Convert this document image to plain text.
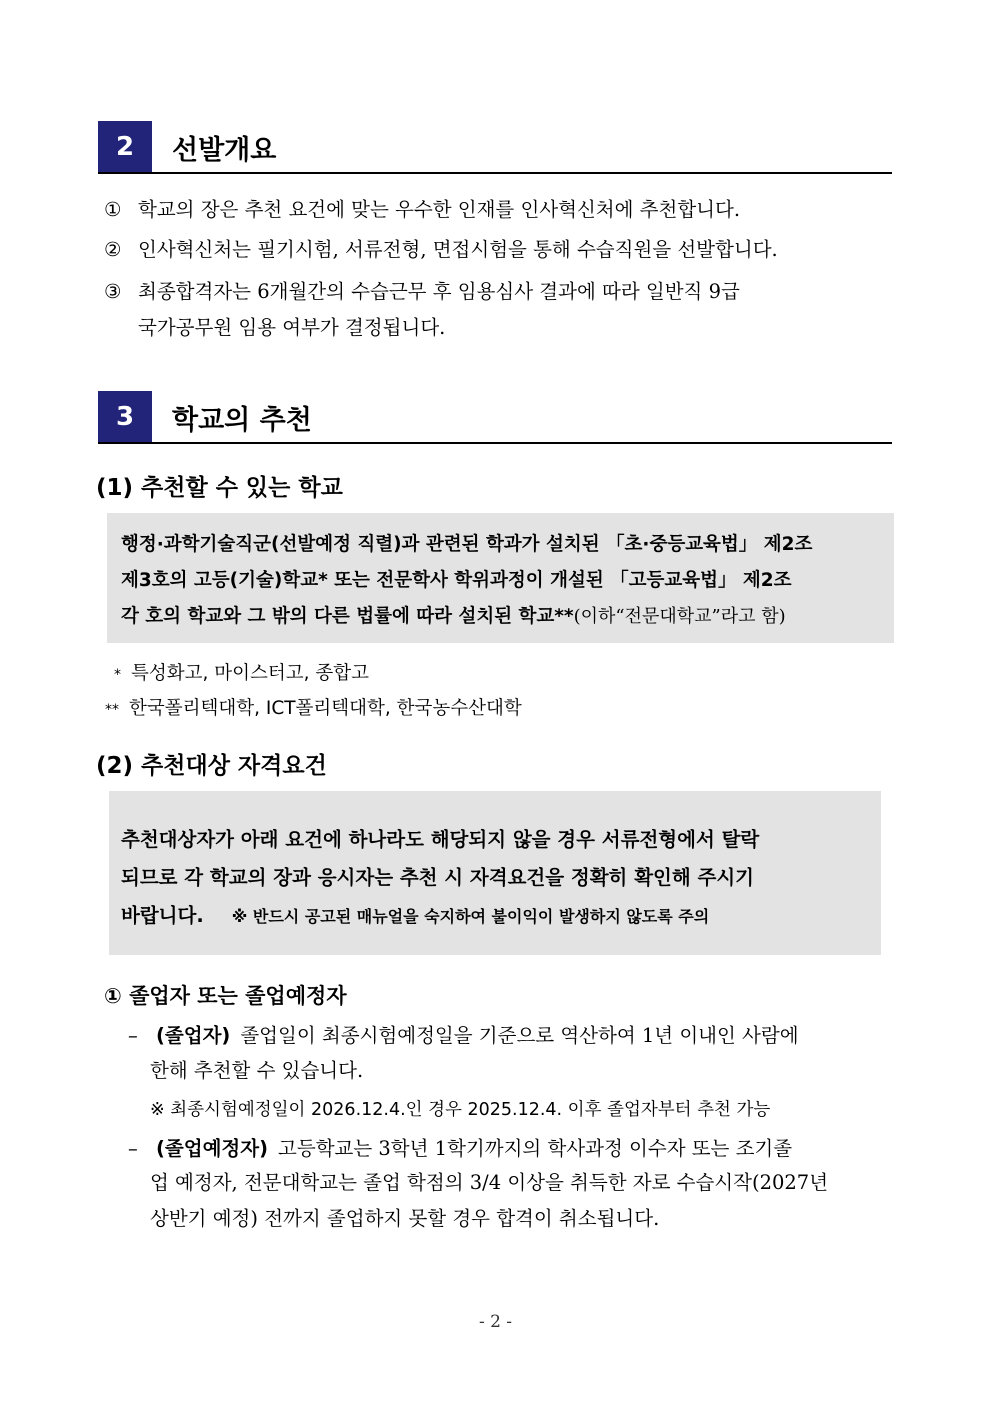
2	선발개요
① 학교의 장은 추천 요건에 맞는 우수한 인재를 인사혁신처에 추천합니다.
② 인사혁신처는 필기시험, 서류전형, 면접시험을 통해 수습직원을 선발합니다.
③ 최종합격자는 6개월간의 수습근무 후 임용심사 결과에 따라 일반직 9급
국가공무원 임용 여부가 결정됩니다.
3	학교의 추천
(1) 추천할 수 있는 학교
행정·과학기술직군(선발예정 직렬)과 관련된 학과가 설치된 「초·중등교육법」 제2조
제3호의 고등(기술)학교* 또는 전문학사 학위과정이 개설된 「고등교육법」 제2조
각 호의 학교와 그 밖의 다른 법률에 따라 설치된 학교**(이하“전문대학교”라고 함)
* 특성화고, 마이스터고, 종합고
** 한국폴리텍대학, ICT폴리텍대학, 한국농수산대학
(2) 추천대상 자격요건
추천대상자가 아래 요건에 하나라도 해당되지 않을 경우 서류전형에서 탈락
되므로 각 학교의 장과 응시자는 추천 시 자격요건을 정확히 확인해 주시기
바랍니다. ※ 반드시 공고된 매뉴얼을 숙지하여 불이익이 발생하지 않도록 주의
① 졸업자 또는 졸업예정자
– (졸업자) 졸업일이 최종시험예정일을 기준으로 역산하여 1년 이내인 사람에
한해 추천할 수 있습니다.
※ 최종시험예정일이 2026.12.4.인 경우 2025.12.4. 이후 졸업자부터 추천 가능
– (졸업예정자) 고등학교는 3학년 1학기까지의 학사과정 이수자 또는 조기졸
업 예정자, 전문대학교는 졸업 학점의 3/4 이상을 취득한 자로 수습시작(2027년
상반기 예정) 전까지 졸업하지 못할 경우 합격이 취소됩니다.
- 2 -
